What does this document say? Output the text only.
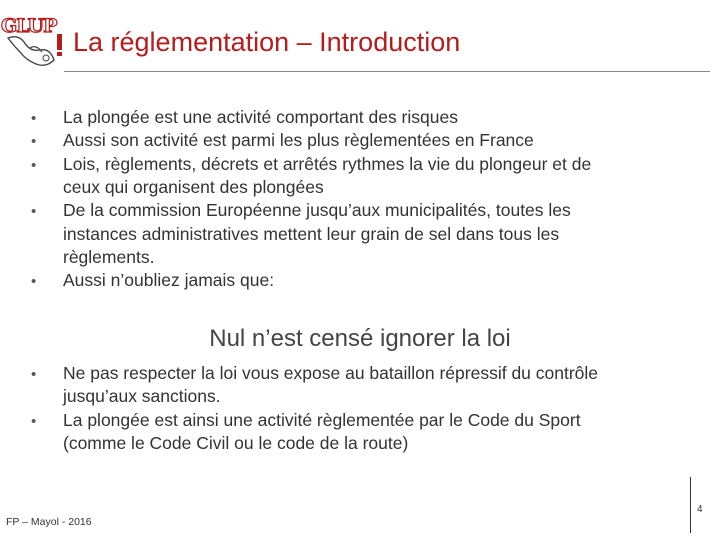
GLUP
La réglementation – Introduction
• La plongée est une activité comportant des risques
• Aussi son activité est parmi les plus règlementées en France
• Lois, règlements, décrets et arrêtés rythmes la vie du plongeur et de
ceux qui organisent des plongées
• De la commission Européenne jusqu’aux municipalités, toutes les
instances administratives mettent leur grain de sel dans tous les
règlements.
• Aussi n’oubliez jamais que:
• Ne pas respecter la loi vous expose au bataillon répressif du contrôle
jusqu’aux sanctions.
• La plongée est ainsi une activité règlementée par le Code du Sport
(comme le Code Civil ou le code de la route)
Nul n’est censé ignorer la loi
FP – Mayol - 2016
4
